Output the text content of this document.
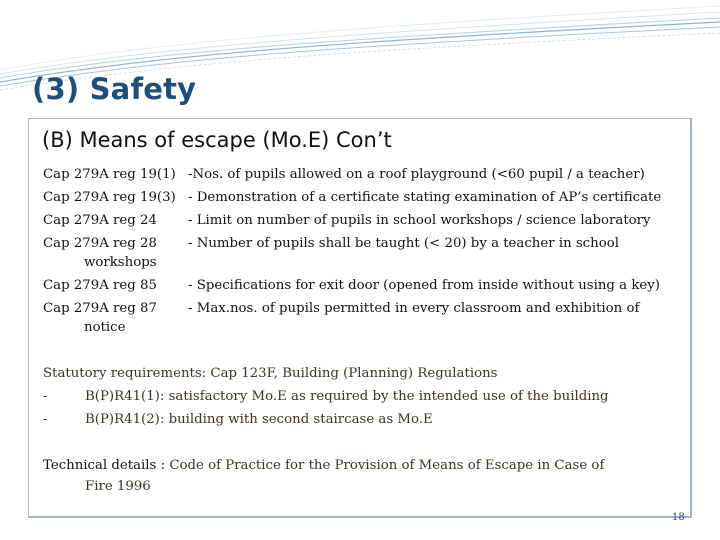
(3) Safety
(B) Means of escape (Mo.E) Con’t
Cap 279A reg 19(1) -Nos. of pupils allowed on a roof playground (<60 pupil / a teacher)
Cap 279A reg 19(3) - Demonstration of a certificate stating examination of AP’s certificate
Cap 279A reg 24 - Limit on number of pupils in school workshops / science laboratory
Cap 279A reg 28 - Number of pupils shall be taught (< 20) by a teacher in school
workshops
Cap 279A reg 85 - Specifications for exit door (opened from inside without using a key)
Cap 279A reg 87 - Max.nos. of pupils permitted in every classroom and exhibition of
notice
Statutory requirements: Cap 123F, Building (Planning) Regulations
-	B(P)R41(1): satisfactory Mo.E as required by the intended use of the building
-	B(P)R41(2): building with second staircase as Mo.E
Technical details : Code of Practice for the Provision of Means of Escape in Case of
Fire 1996
18
